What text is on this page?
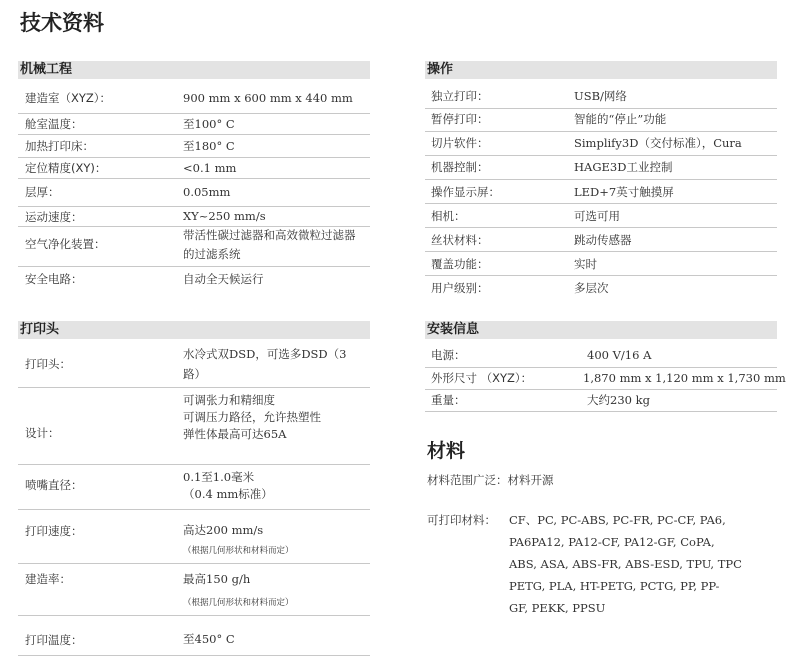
技术资料
机械工程
建造室（XYZ）：	900 mm x 600 mm x 440 mm
舱室温度：	至100° C
加热打印床：	至180° C
定位精度(XY)：	<0.1 mm
层厚：	0.05mm
运动速度：	XY~250 mm/s
空气净化装置：
带活性碳过滤器和高效微粒过滤器
的过滤系统
安全电路：	自动全天候运行
打印头
打印头：
水冷式双DSD，可选多DSD（3
路）
设计：
可调张力和精细度
可调压力路径，允许热塑性
弹性体最高可达65A
喷嘴直径：
0.1至1.0毫米
（0.4 mm标准）
打印速度：	高达200 mm/s
（根据几何形状和材料而定）
建造率：	最高150 g/h
（根据几何形状和材料而定）
打印温度：	至450° C
操作
独立打印：	USB/网络
暂停打印：	智能的“停止”功能
切片软件：	Simplify3D（交付标准），Cura
机器控制：	HAGE3D工业控制
操作显示屏：	LED+7英寸触摸屏
相机：	可选可用
丝状材料：	跳动传感器
覆盖功能：	实时
用户级别：	多层次
安装信息
电源：	400 V/16 A
外形尺寸 （XYZ）：	1,870 mm x 1,120 mm x 1,730 mm
重量：	大约230 kg
材料
材料范围广泛：材料开源
可打印材料： CF、PC, PC-ABS, PC-FR, PC-CF, PA6,
PA6PA12, PA12-CF, PA12-GF, CoPA,
ABS, ASA, ABS-FR, ABS-ESD, TPU, TPC
PETG, PLA, HT-PETG, PCTG, PP, PP-
GF, PEKK, PPSU
